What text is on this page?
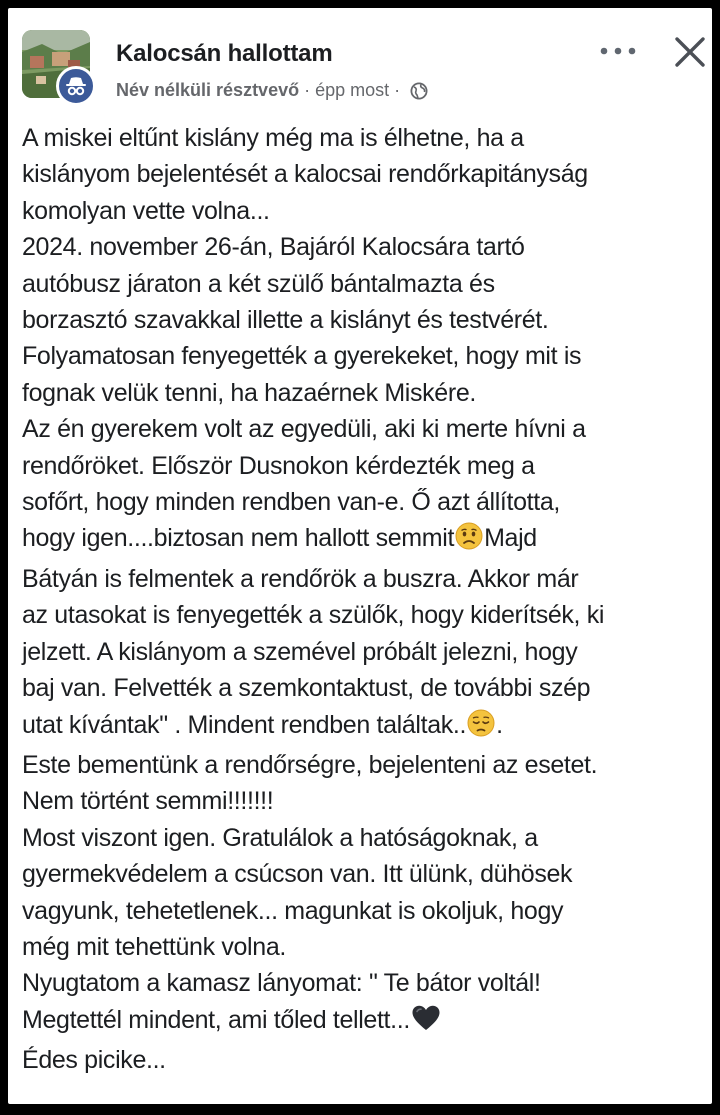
Kalocsán hallottam
Név nélküli résztvevő · épp most ·
A miskei eltűnt kislány még ma is élhetne, ha a
kislányom bejelentését a kalocsai rendőrkapitányság
komolyan vette volna...
2024. november 26-án, Bajáról Kalocsára tartó
autóbusz járaton a két szülő bántalmazta és
borzasztó szavakkal illette a kislányt és testvérét.
Folyamatosan fenyegették a gyerekeket, hogy mit is
fognak velük tenni, ha hazaérnek Miskére.
Az én gyerekem volt az egyedüli, aki ki merte hívni a
rendőröket. Először Dusnokon kérdezték meg a
sofőrt, hogy minden rendben van-e. Ő azt állította,
hogy igen....biztosan nem hallott semmit Majd
Bátyán is felmentek a rendőrök a buszra. Akkor már
az utasokat is fenyegették a szülők, hogy kiderítsék, ki
jelzett. A kislányom a szemével próbált jelezni, hogy
baj van. Felvették a szemkontaktust, de további szép
utat kívántak" . Mindent rendben találtak.. .
Este bementünk a rendőrségre, bejelenteni az esetet.
Nem történt semmi!!!!!!!
Most viszont igen. Gratulálok a hatóságoknak, a
gyermekvédelem a csúcson van. Itt ülünk, dühösek
vagyunk, tehetetlenek... magunkat is okoljuk, hogy
még mit tehettünk volna.
Nyugtatom a kamasz lányomat: " Te bátor voltál!
Megtettél mindent, ami tőled tellett...
Édes picike...
